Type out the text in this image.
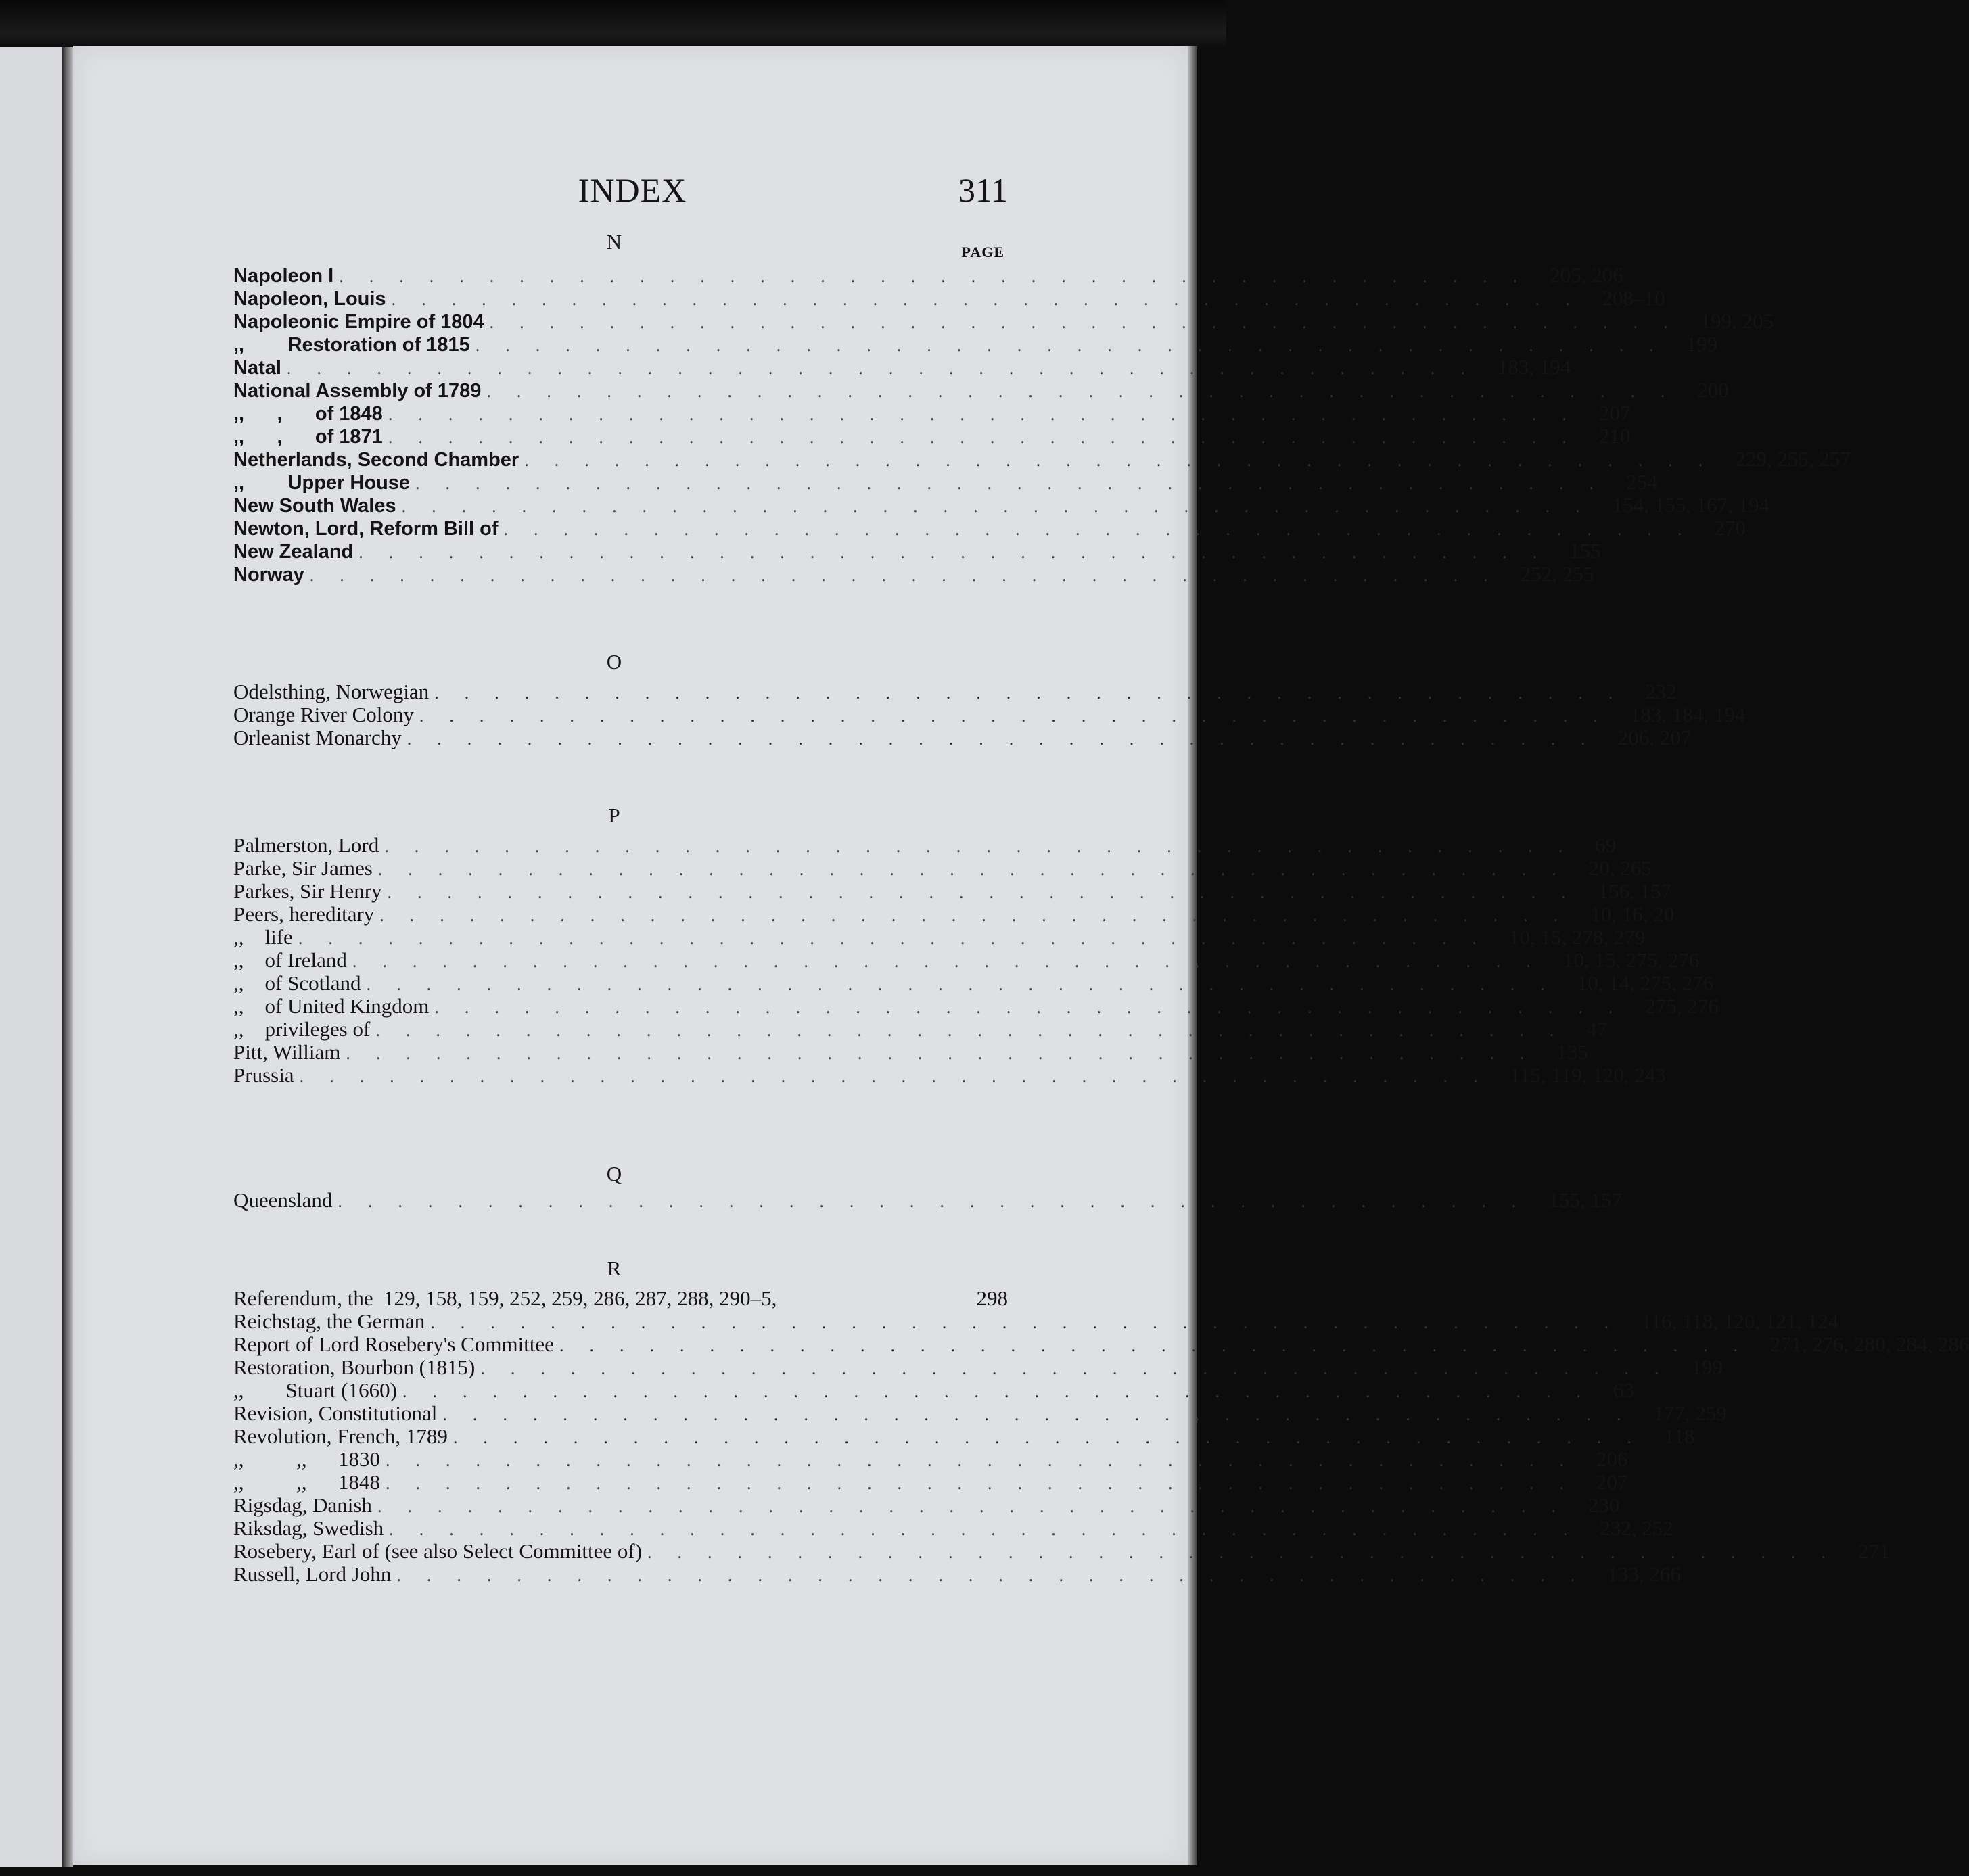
INDEX	311
PAGE
N
Napoleon I ........................................ 205, 206
Napoleon, Louis ........................................ 208–10
Napoleonic Empire of 1804 ........................................ 199, 205
,,        Restoration of 1815 ........................................ 199
Natal ........................................ 183, 194
National Assembly of 1789 ........................................ 200
,,      ,      of 1848 ........................................ 207
,,      ,      of 1871 ........................................ 210
Netherlands, Second Chamber ........................................ 229, 255, 257
,,        Upper House ........................................ 254
New South Wales ........................................ 154, 155, 167, 194
Newton, Lord, Reform Bill of ........................................ 270
New Zealand ........................................ 155
Norway ........................................ 252, 255
O
Odelsthing, Norwegian ........................................ 232
Orange River Colony ........................................ 183, 184, 194
Orleanist Monarchy ........................................ 206, 207
P
Palmerston, Lord ........................................ 69
Parke, Sir James ........................................ 20, 265
Parkes, Sir Henry ........................................ 156, 157
Peers, hereditary ........................................ 10, 16, 20
,,    life ........................................ 10, 15, 278, 279
,,    of Ireland ........................................ 10, 15, 275, 276
,,    of Scotland ........................................ 10, 14, 275, 276
,,    of United Kingdom ........................................ 275, 276
,,    privileges of ........................................ 47
Pitt, William ........................................ 135
Prussia ........................................ 115, 119, 120, 243
Q
Queensland ........................................ 155, 157
R
Referendum, the  129, 158, 159, 252, 259, 286, 287, 288, 290–5,	298
Reichstag, the German ........................................ 116, 118, 120, 121, 124
Report of Lord Rosebery's Committee ........................................ 271, 276, 280, 284, 286
Restoration, Bourbon (1815) ........................................ 199
,,        Stuart (1660) ........................................ 63
Revision, Constitutional ........................................ 177, 259
Revolution, French, 1789 ........................................ 118
,,          ,,      1830 ........................................ 206
,,          ,,      1848 ........................................ 207
Rigsdag, Danish ........................................ 230
Riksdag, Swedish ........................................ 232, 252
Rosebery, Earl of (see also Select Committee of) ........................................ 271
Russell, Lord John ........................................ 133, 266
